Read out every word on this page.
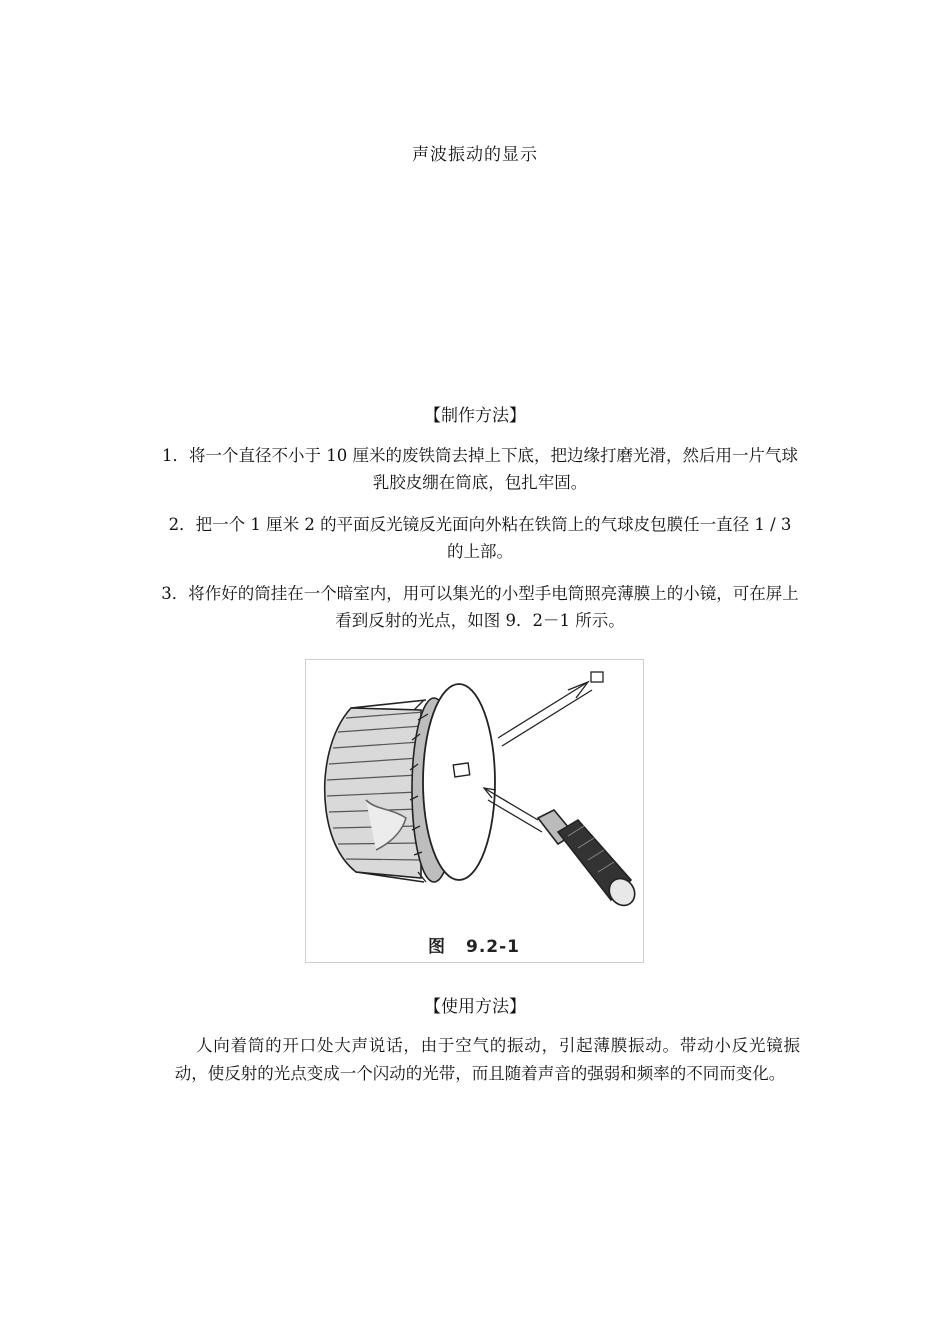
声波振动的显示
【制作方法】
1．将一个直径不小于 10 厘米的废铁筒去掉上下底，把边缘打磨光滑，然后用一片气球乳胶皮绷在筒底，包扎牢固。
2．把一个 1 厘米 2 的平面反光镜反光面向外粘在铁筒上的气球皮包膜任一直径 1 / 3 的上部。
3．将作好的筒挂在一个暗室内，用可以集光的小型手电筒照亮薄膜上的小镜，可在屏上看到反射的光点，如图 9．2－1 所示。
图 9.2-1
【使用方法】
人向着筒的开口处大声说话，由于空气的振动，引起薄膜振动。带动小反光镜振动，使反射的光点变成一个闪动的光带，而且随着声音的强弱和频率的不同而变化。
